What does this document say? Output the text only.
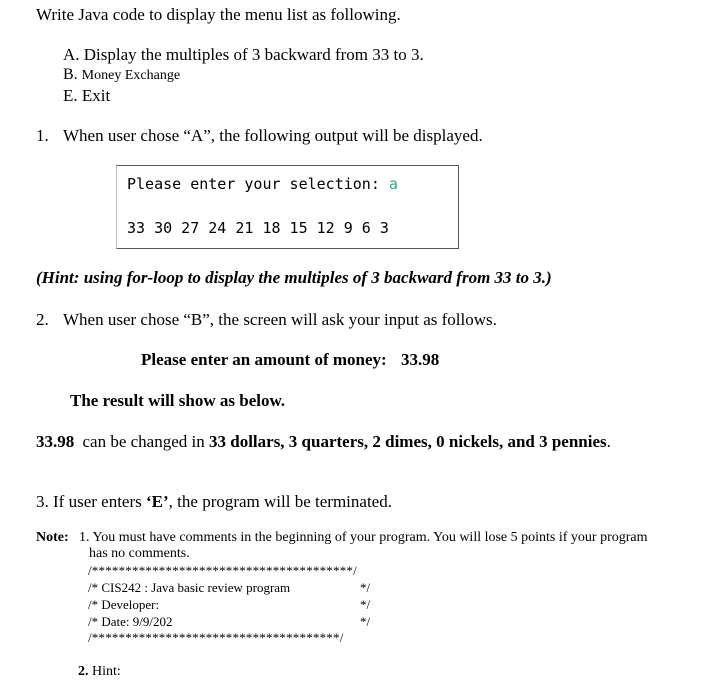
Write Java code to display the menu list as following.
A. Display the multiples of 3 backward from 33 to 3.
B. Money Exchange
E. Exit
1. When user chose “A”, the following output will be displayed.
Please enter your selection: a
33 30 27 24 21 18 15 12 9 6 3
(Hint: using for-loop to display the multiples of 3 backward from 33 to 3.)
2. When user chose “B”, the screen will ask your input as follows.
Please enter an amount of money: 33.98
The result will show as below.
33.98 can be changed in 33 dollars, 3 quarters, 2 dimes, 0 nickels, and 3 pennies.
3. If user enters ‘E’, the program will be terminated.
Note: 1. You must have comments in the beginning of your program. You will lose 5 points if your program
has no comments.
/***************************************/
/* CIS242 : Java basic review program	*/
/* Developer:	*/
/* Date: 9/9/202	*/
/*************************************/
2. Hint:
